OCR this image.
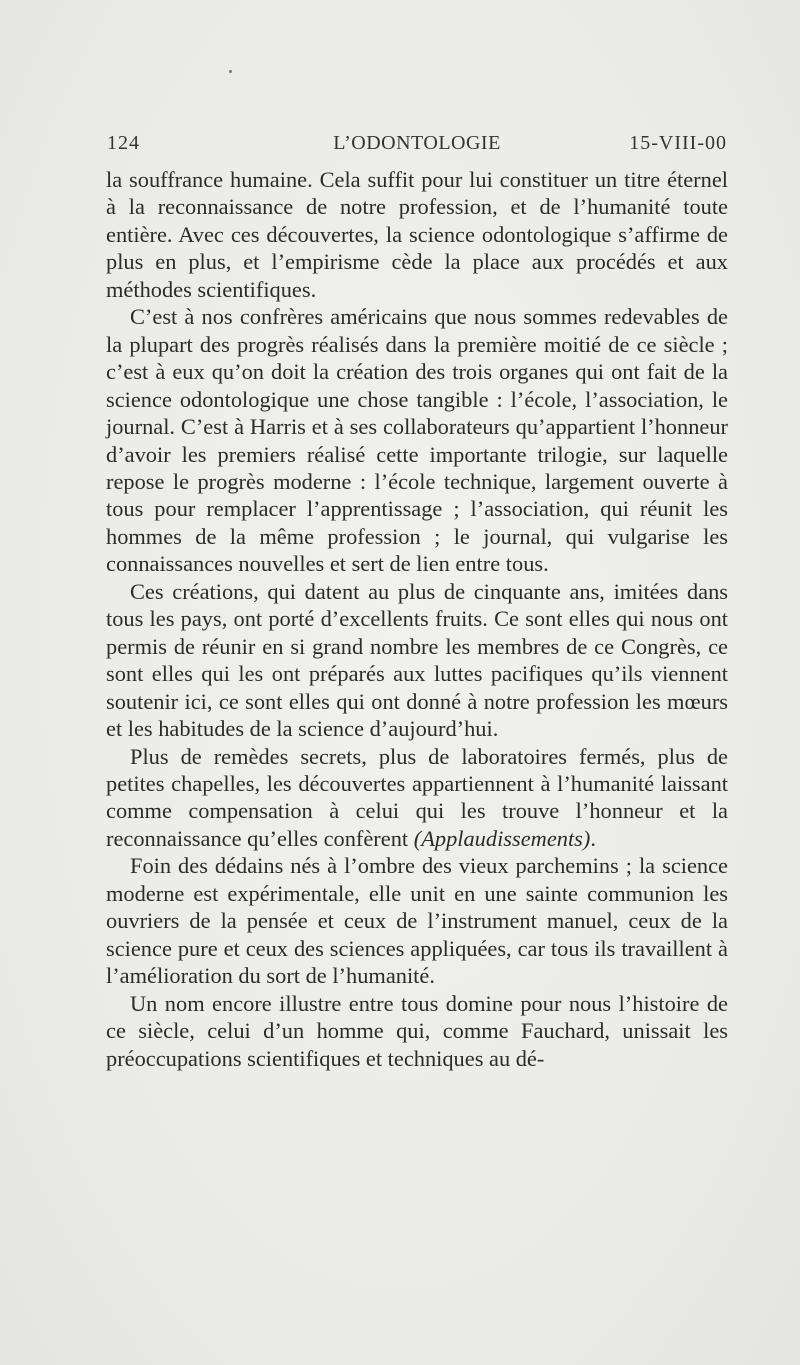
124	L’ODONTOLOGIE	15-VIII-00

la souffrance humaine. Cela suffit pour lui constituer un titre éternel à la reconnaissance de notre profession, et de l’humanité toute entière. Avec ces découvertes, la science odontologique s’affirme de plus en plus, et l’empirisme cède la place aux procédés et aux méthodes scientifiques.

C’est à nos confrères américains que nous sommes redevables de la plupart des progrès réalisés dans la première moitié de ce siècle ; c’est à eux qu’on doit la création des trois organes qui ont fait de la science odontologique une chose tangible : l’école, l’association, le journal. C’est à Harris et à ses collaborateurs qu’appartient l’honneur d’avoir les premiers réalisé cette importante trilogie, sur laquelle repose le progrès moderne : l’école technique, largement ouverte à tous pour remplacer l’apprentissage ; l’association, qui réunit les hommes de la même profession ; le journal, qui vulgarise les connaissances nouvelles et sert de lien entre tous.

Ces créations, qui datent au plus de cinquante ans, imitées dans tous les pays, ont porté d’excellents fruits. Ce sont elles qui nous ont permis de réunir en si grand nombre les membres de ce Congrès, ce sont elles qui les ont préparés aux luttes pacifiques qu’ils viennent soutenir ici, ce sont elles qui ont donné à notre profession les mœurs et les habitudes de la science d’aujourd’hui.

Plus de remèdes secrets, plus de laboratoires fermés, plus de petites chapelles, les découvertes appartiennent à l’humanité laissant comme compensation à celui qui les trouve l’honneur et la reconnaissance qu’elles confèrent (Applaudissements).

Foin des dédains nés à l’ombre des vieux parchemins ; la science moderne est expérimentale, elle unit en une sainte communion les ouvriers de la pensée et ceux de l’instrument manuel, ceux de la science pure et ceux des sciences appliquées, car tous ils travaillent à l’amélioration du sort de l’humanité.

Un nom encore illustre entre tous domine pour nous l’histoire de ce siècle, celui d’un homme qui, comme Fauchard, unissait les préoccupations scientifiques et techniques au dé-
